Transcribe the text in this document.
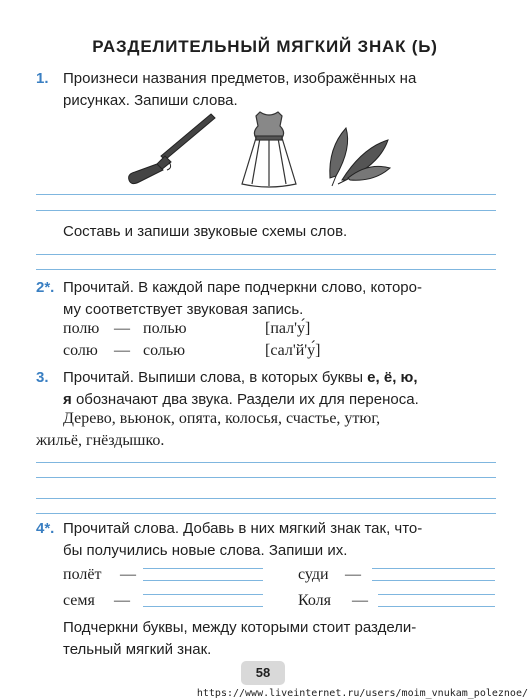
РАЗДЕЛИТЕЛЬНЫЙ МЯГКИЙ ЗНАК (Ь)
1. Произнеси названия предметов, изображённых на
рисунках. Запиши слова.
Составь и запиши звуковые схемы слов.
2*. Прочитай. В каждой паре подчеркни слово, которо-
му соответствует звуковая запись.
полю — полью	[пал'у́]
солю — солью	[сал'й'у́]
3. Прочитай. Выпиши слова, в которых буквы е, ё, ю,
я обозначают два звука. Раздели их для переноса.
Дерево, вьюнок, опята, колосья, счастье, утюг,
жильё, гнёздышко.
4*. Прочитай слова. Добавь в них мягкий знак так, что-
бы получились новые слова. Запиши их.
полёт —	суди —
семя —	Коля —
Подчеркни буквы, между которыми стоит раздели-
тельный мягкий знак.
58
https://www.liveinternet.ru/users/moim_vnukam_poleznoe/
